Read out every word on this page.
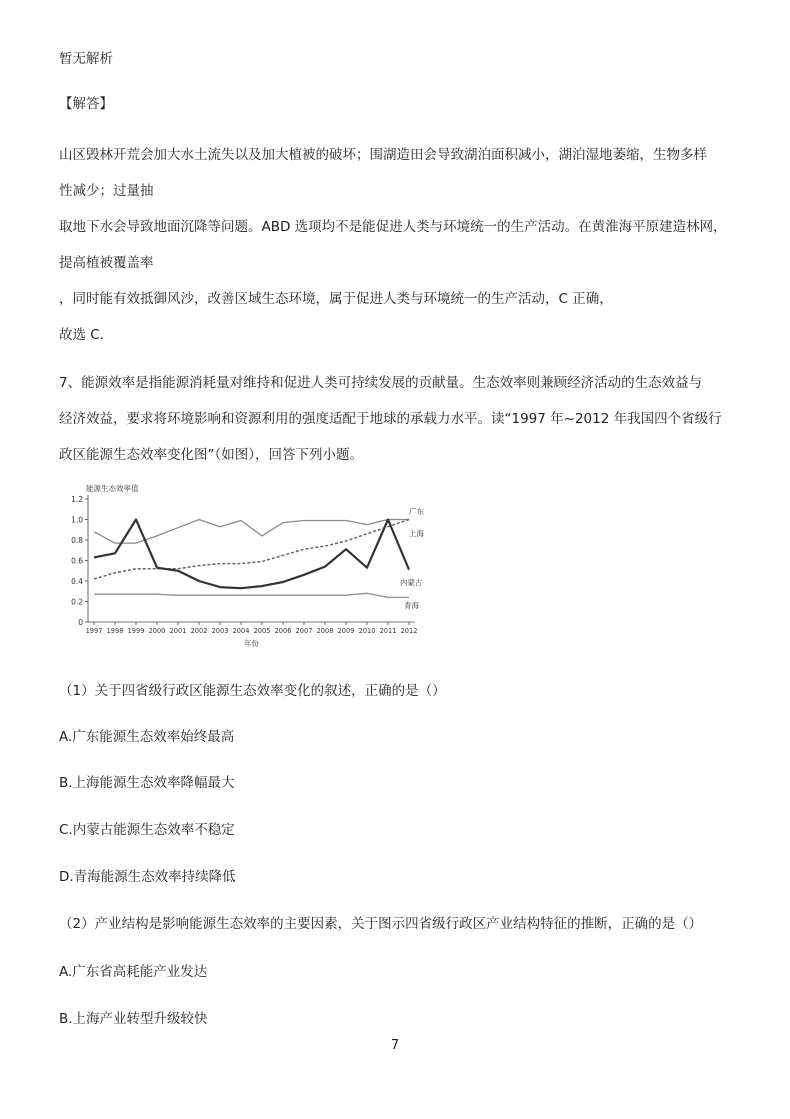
暂无解析
【解答】
山区毁林开荒会加大水土流失以及加大植被的破坏；围湖造田会导致湖泊面积减小，湖泊湿地萎缩，生物多样
性减少；过量抽
取地下水会导致地面沉降等问题。ABD 选项均不是能促进人类与环境统一的生产活动。在黄淮海平原建造林网，
提高植被覆盖率
，同时能有效抵御风沙，改善区域生态环境，属于促进人类与环境统一的生产活动，C 正确，
故选 C.
7、能源效率是指能源消耗量对维持和促进人类可持续发展的贡献量。生态效率则兼顾经济活动的生态效益与
经济效益，要求将环境影响和资源利用的强度适配于地球的承载力水平。读“1997 年~2012 年我国四个省级行
政区能源生态效率变化图”（如图），回答下列小题。
0
0.2
0.4
0.6
0.8
1.0
1.2
1997 1998 1999 2000 2001 2002 2003 2004 2005 2006 2007 2008 2009 2010 2011 2012
能源生态效率值
年份
广东
上海
内蒙古
青海
（1）关于四省级行政区能源生态效率变化的叙述，正确的是（）
A.广东能源生态效率始终最高
B.上海能源生态效率降幅最大
C.内蒙古能源生态效率不稳定
D.青海能源生态效率持续降低
（2）产业结构是影响能源生态效率的主要因素，关于图示四省级行政区产业结构特征的推断，正确的是（）
A.广东省高耗能产业发达
B.上海产业转型升级较快
7
